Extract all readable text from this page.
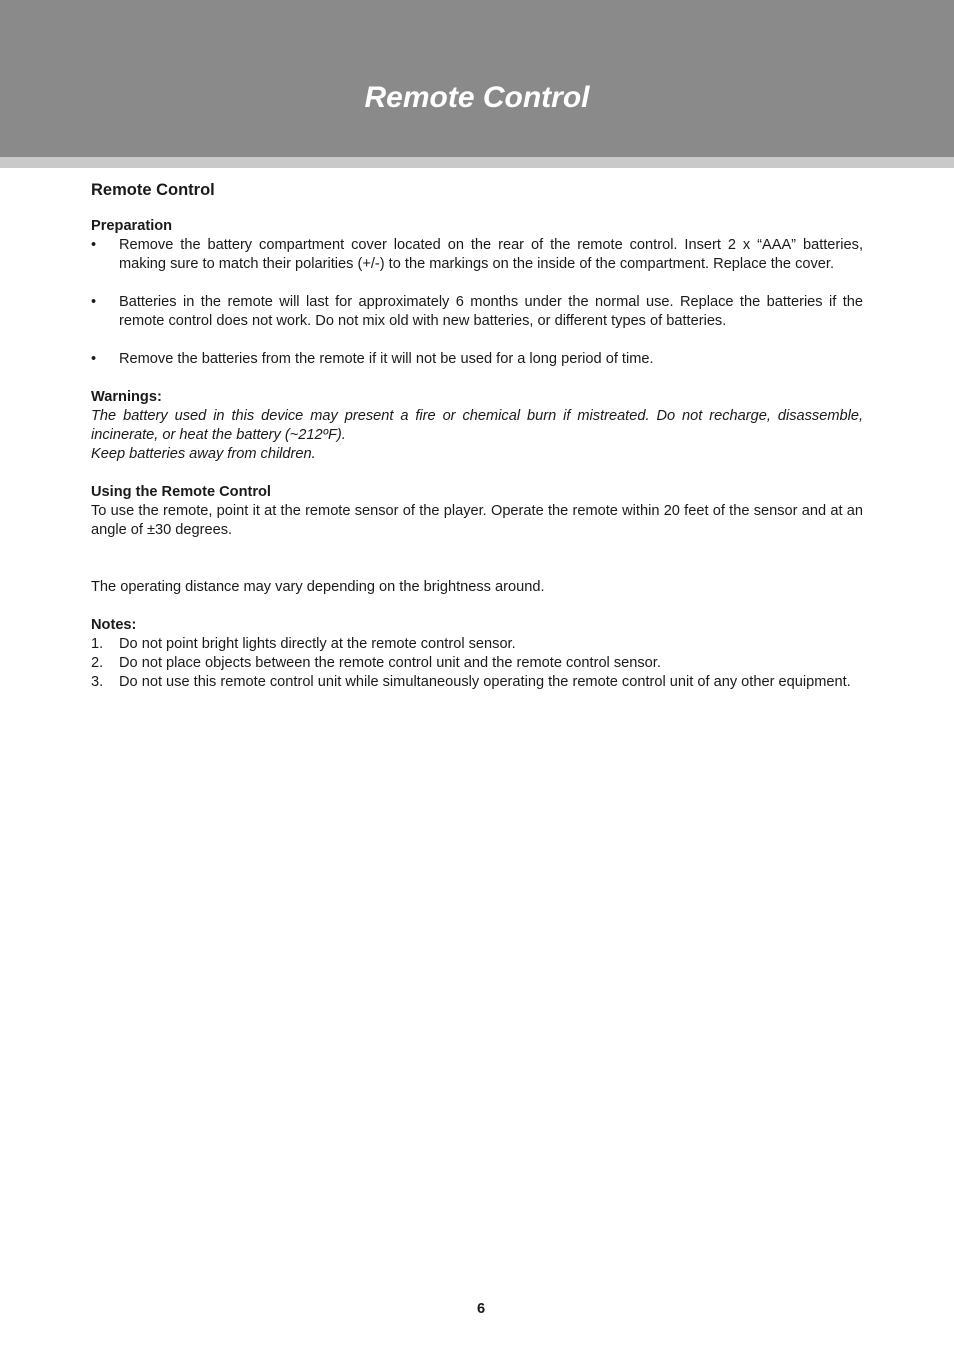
Remote Control
Remote Control
Preparation
• Remove the battery compartment cover located on the rear of the remote control. Insert 2 x “AAA” batteries, making sure to match their polarities (+/-) to the markings on the inside of the compartment. Replace the cover.
• Batteries in the remote will last for approximately 6 months under the normal use. Replace the batteries if the remote control does not work. Do not mix old with new batteries, or different types of batteries.
• Remove the batteries from the remote if it will not be used for a long period of time.
Warnings:

The battery used in this device may present a fire or chemical burn if mistreated. Do not recharge, disassemble, incinerate, or heat the battery (~212ºF).

Keep batteries away from children.

Using the Remote Control

To use the remote, point it at the remote sensor of the player. Operate the remote within 20 feet of the sensor and at an angle of ±30 degrees.

The operating distance may vary depending on the brightness around.

Notes:
1. Do not point bright lights directly at the remote control sensor.
2. Do not place objects between the remote control unit and the remote control sensor.
3. Do not use this remote control unit while simultaneously operating the remote control unit of any other equipment.
6
